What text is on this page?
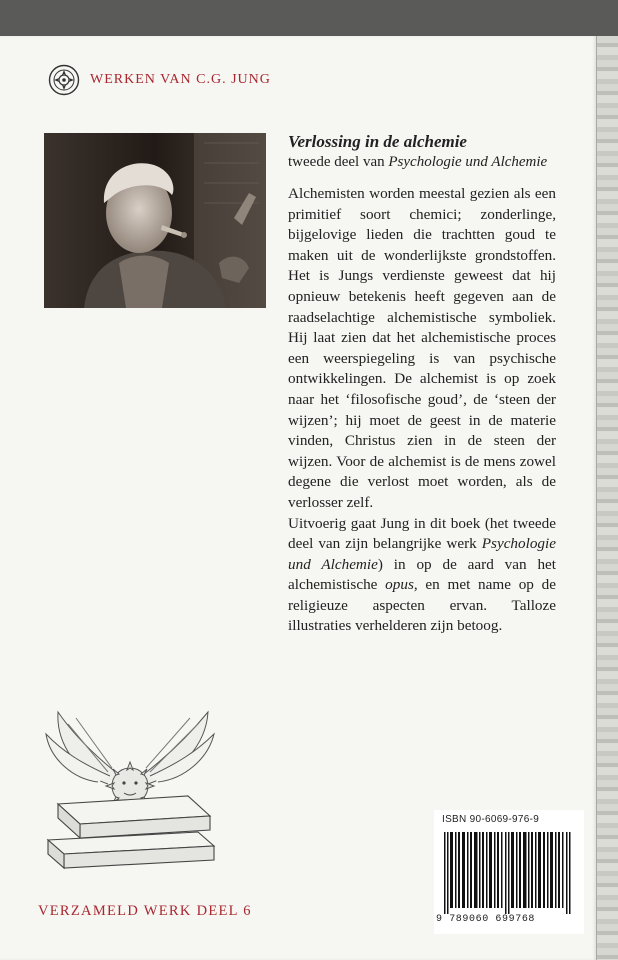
WERKEN VAN C.G. JUNG
Verlossing in de alchemie
tweede deel van Psychologie und Alchemie

Alchemisten worden meestal gezien als een primitief soort chemici; zonderlinge, bijgelovige lieden die trachtten goud te maken uit de wonderlijkste grondstoffen. Het is Jungs verdienste geweest dat hij opnieuw betekenis heeft gegeven aan de raadselachtige alchemistische symboliek. Hij laat zien dat het alchemistische proces een weerspiegeling is van psychische ontwikkelingen. De alchemist is op zoek naar het ‘filosofische goud’, de ‘steen der wijzen’; hij moet de geest in de materie vinden, Christus zien in de steen der wijzen. Voor de alchemist is de mens zowel degene die verlost moet worden, als de verlosser zelf.

Uitvoerig gaat Jung in dit boek (het tweede deel van zijn belangrijke werk Psychologie und Alchemie) in op de aard van het alchemistische opus, en met name op de religieuze aspecten ervan. Talloze illustraties verhelderen zijn betoog.

VERZAMELD WERK DEEL 6
ISBN 90-6069-976-9
9 789060 699768
